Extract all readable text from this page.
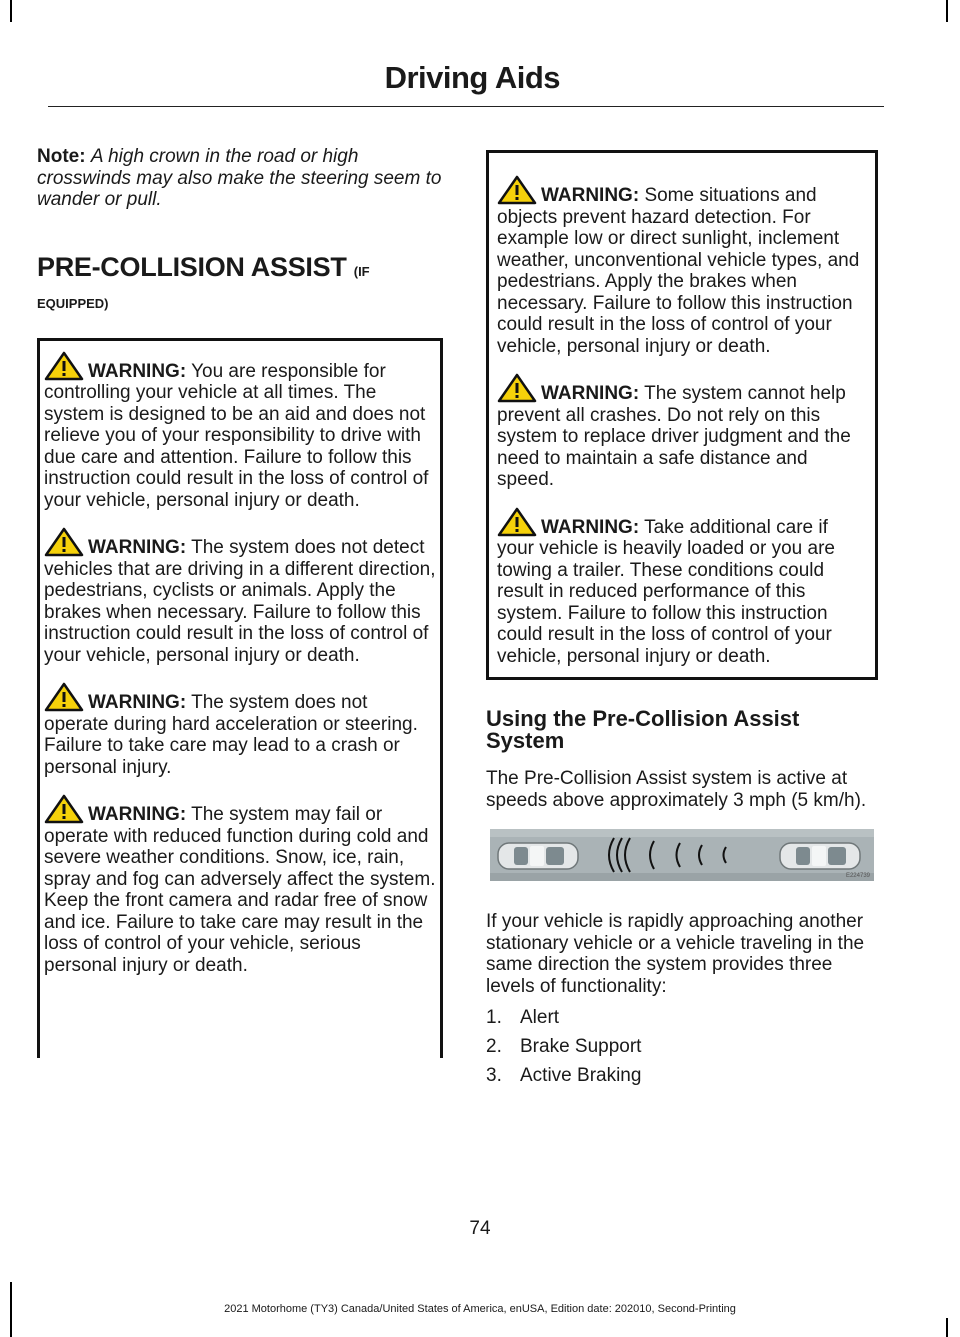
Driving Aids

Note: A high crown in the road or high crosswinds may also make the steering seem to wander or pull.

PRE-COLLISION ASSIST (IF
EQUIPPED)

WARNING: You are responsible for controlling your vehicle at all times. The system is designed to be an aid and does not relieve you of your responsibility to drive with due care and attention. Failure to follow this instruction could result in the loss of control of your vehicle, personal injury or death.

WARNING: The system does not detect vehicles that are driving in a different direction, pedestrians, cyclists or animals. Apply the brakes when necessary. Failure to follow this instruction could result in the loss of control of your vehicle, personal injury or death.

WARNING: The system does not operate during hard acceleration or steering. Failure to take care may lead to a crash or personal injury.

WARNING: The system may fail or operate with reduced function during cold and severe weather conditions. Snow, ice, rain, spray and fog can adversely affect the system. Keep the front camera and radar free of snow and ice. Failure to take care may result in the loss of control of your vehicle, serious personal injury or death.

WARNING: Some situations and objects prevent hazard detection. For example low or direct sunlight, inclement weather, unconventional vehicle types, and pedestrians. Apply the brakes when necessary. Failure to follow this instruction could result in the loss of control of your vehicle, personal injury or death.

WARNING: The system cannot help prevent all crashes. Do not rely on this system to replace driver judgment and the need to maintain a safe distance and speed.

WARNING: Take additional care if your vehicle is heavily loaded or you are towing a trailer. These conditions could result in reduced performance of this system. Failure to follow this instruction could result in the loss of control of your vehicle, personal injury or death.

Using the Pre-Collision Assist System

The Pre-Collision Assist system is active at speeds above approximately 3 mph (5 km/h).

E224739

If your vehicle is rapidly approaching another stationary vehicle or a vehicle traveling in the same direction the system provides three levels of functionality:

1. Alert
2. Brake Support
3. Active Braking
74
2021 Motorhome (TY3) Canada/United States of America, enUSA, Edition date: 202010, Second-Printing
